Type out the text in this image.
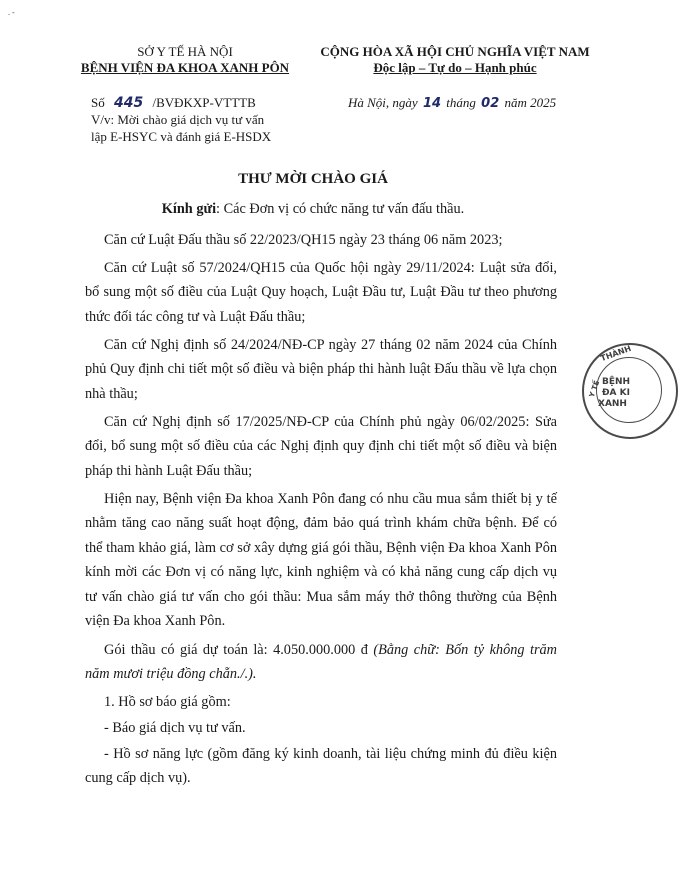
. -
SỞ Y TẾ HÀ NỘI
BỆNH VIỆN ĐA KHOA XANH PÔN
Số 445 /BVĐKXP-VTTTB
V/v: Mời chào giá dịch vụ tư vấn
lập E-HSYC và đánh giá E-HSDX
CỘNG HÒA XÃ HỘI CHỦ NGHĨA VIỆT NAM
Độc lập – Tự do – Hạnh phúc
Hà Nội, ngày 14 tháng 02 năm 2025
THƯ MỜI CHÀO GIÁ
Kính gửi: Các Đơn vị có chức năng tư vấn đấu thầu.
Căn cứ Luật Đấu thầu số 22/2023/QH15 ngày 23 tháng 06 năm 2023;
Căn cứ Luật số 57/2024/QH15 của Quốc hội ngày 29/11/2024: Luật sửa đổi, bổ sung một số điều của Luật Quy hoạch, Luật Đầu tư, Luật Đầu tư theo phương thức đối tác công tư và Luật Đấu thầu;
Căn cứ Nghị định số 24/2024/NĐ-CP ngày 27 tháng 02 năm 2024 của Chính phủ Quy định chi tiết một số điều và biện pháp thi hành luật Đấu thầu về lựa chọn nhà thầu;
Căn cứ Nghị định số 17/2025/NĐ-CP của Chính phủ ngày 06/02/2025: Sửa đổi, bổ sung một số điều của các Nghị định quy định chi tiết một số điều và biện pháp thi hành Luật Đấu thầu;
Hiện nay, Bệnh viện Đa khoa Xanh Pôn đang có nhu cầu mua sắm thiết bị y tế nhằm tăng cao năng suất hoạt động, đảm bảo quá trình khám chữa bệnh. Để có thể tham khảo giá, làm cơ sở xây dựng giá gói thầu, Bệnh viện Đa khoa Xanh Pôn kính mời các Đơn vị có năng lực, kinh nghiệm và có khả năng cung cấp dịch vụ tư vấn chào giá tư vấn cho gói thầu: Mua sắm máy thở thông thường của Bệnh viện Đa khoa Xanh Pôn.
Gói thầu có giá dự toán là: 4.050.000.000 đ (Bằng chữ: Bốn tỷ không trăm năm mươi triệu đồng chẵn./.).
1. Hồ sơ báo giá gồm:
- Báo giá dịch vụ tư vấn.
- Hồ sơ năng lực (gồm đăng ký kinh doanh, tài liệu chứng minh đủ điều kiện cung cấp dịch vụ).
THÀNH
Y TẾ BỆNH
ĐA KI
XANH
